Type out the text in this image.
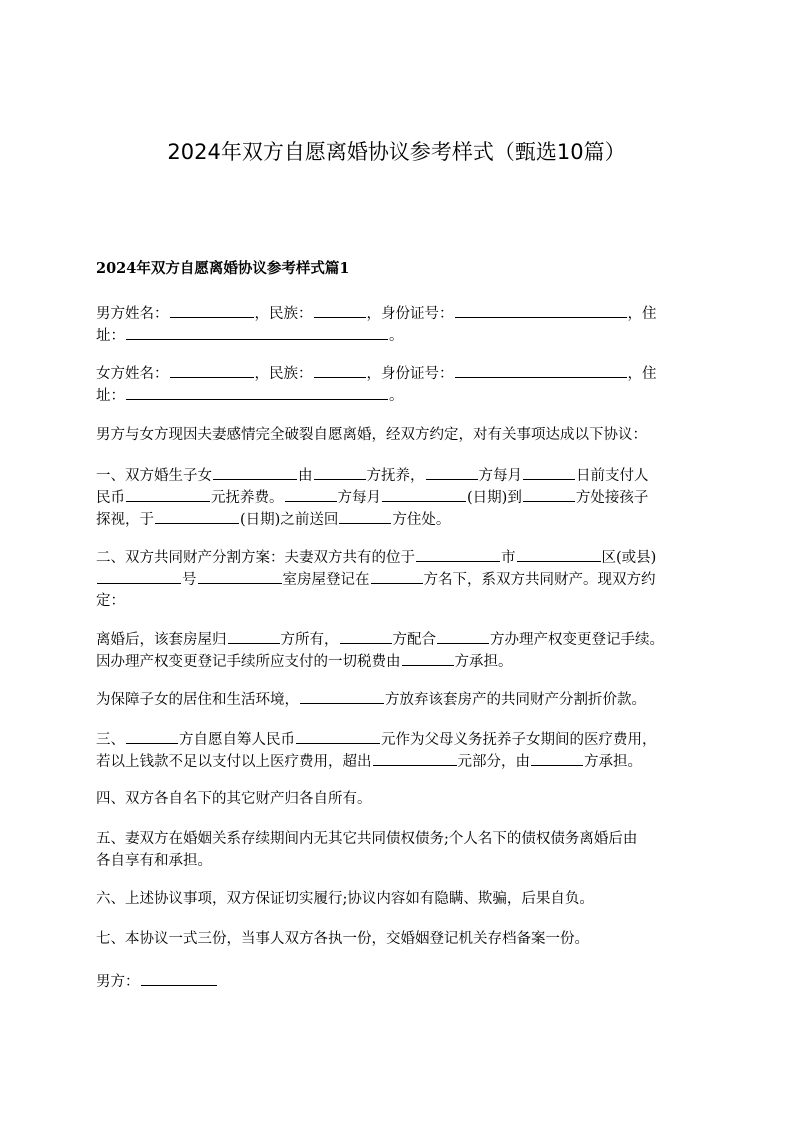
2024年双方自愿离婚协议参考样式（甄选10篇）
2024年双方自愿离婚协议参考样式篇1
男方姓名：	，民族：	，身份证号：	，住
址：	。
女方姓名：	，民族：	，身份证号：	，住
址：	。
男方与女方现因夫妻感情完全破裂自愿离婚，经双方约定，对有关事项达成以下协议：
一、双方婚生子女	由	方抚养，	方每月	日前支付人
民币	元抚养费。	方每月	(日期)到	方处接孩子
探视，于	(日期)之前送回	方住处。
二、双方共同财产分割方案：夫妻双方共有的位于	市	区(或县)
号	室房屋登记在	方名下，系双方共同财产。现双方约
定：
离婚后，该套房屋归	方所有，	方配合	方办理产权变更登记手续。
因办理产权变更登记手续所应支付的一切税费由	方承担。
为保障子女的居住和生活环境，	方放弃该套房产的共同财产分割折价款。
三、	方自愿自筹人民币	元作为父母义务抚养子女期间的医疗费用，
若以上钱款不足以支付以上医疗费用，超出	元部分，由	方承担。
四、双方各自名下的其它财产归各自所有。
五、妻双方在婚姻关系存续期间内无其它共同债权债务;个人名下的债权债务离婚后由
各自享有和承担。
六、上述协议事项，双方保证切实履行;协议内容如有隐瞒、欺骗，后果自负。
七、本协议一式三份，当事人双方各执一份，交婚姻登记机关存档备案一份。
男方：
